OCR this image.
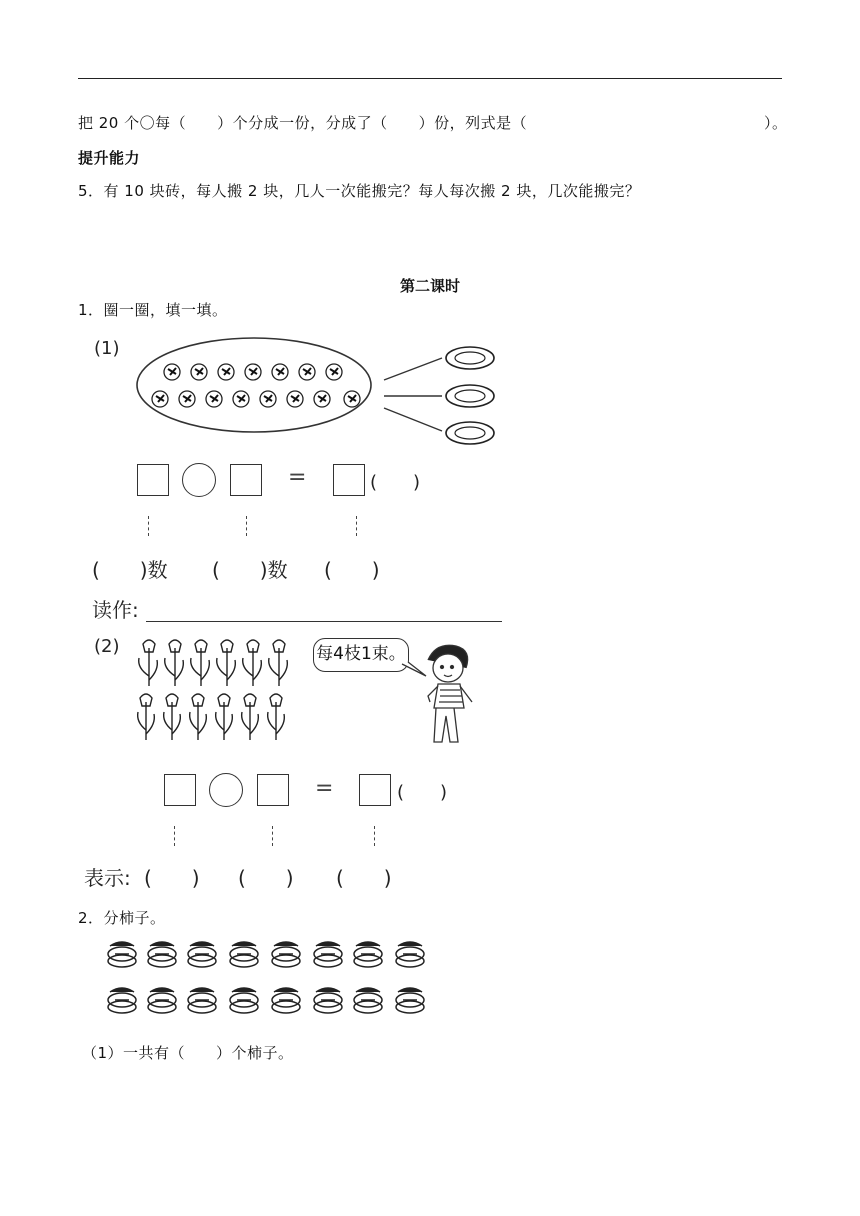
把 20 个〇每（　　）个分成一份，分成了（　　）份，列式是（	）。
提升能力
5．有 10 块砖，每人搬 2 块，几人一次能搬完？每人每次搬 2 块，几次能搬完？
第二课时
1．圈一圈，填一填。
(1)
=	(　　)
(　　)数 (　　)数 (　　)
读作:
(2)	每4枝1束。
=	(　　)
表示: (　　) (　　) (　　)
2．分柿子。
（1）一共有（　　）个柿子。
